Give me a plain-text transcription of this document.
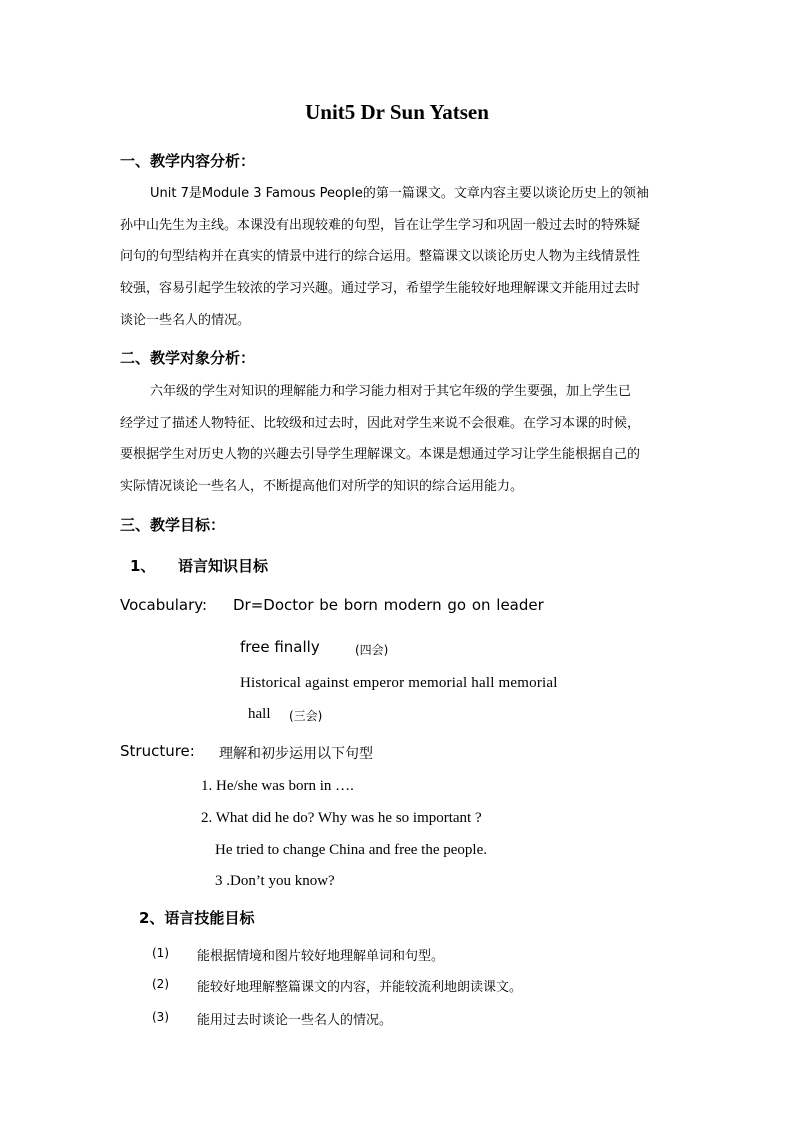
Unit5 Dr Sun Yatsen
一、教学内容分析：
Unit 7是Module 3 Famous People的第一篇课文。文章内容主要以谈论历史上的领袖
孙中山先生为主线。本课没有出现较难的句型，旨在让学生学习和巩固一般过去时的特殊疑
问句的句型结构并在真实的情景中进行的综合运用。整篇课文以谈论历史人物为主线情景性
较强，容易引起学生较浓的学习兴趣。通过学习，希望学生能较好地理解课文并能用过去时
谈论一些名人的情况。
二、教学对象分析：
六年级的学生对知识的理解能力和学习能力相对于其它年级的学生要强，加上学生已
经学过了描述人物特征、比较级和过去时，因此对学生来说不会很难。在学习本课的时候，
要根据学生对历史人物的兴趣去引导学生理解课文。本课是想通过学习让学生能根据自己的
实际情况谈论一些名人，不断提高他们对所学的知识的综合运用能力。
三、教学目标：
1、 语言知识目标
Vocabulary: Dr=Doctor be born modern go on leader
free finally	(四会)
Historical against emperor memorial hall memorial
hall (三会)
Structure: 理解和初步运用以下句型
1. He/she was born in ….
2. What did he do? Why was he so important ?
He tried to change China and free the people.
3 .Don’t you know?
2、语言技能目标
(1) 能根据情境和图片较好地理解单词和句型。
(2) 能较好地理解整篇课文的内容，并能较流利地朗读课文。
(3) 能用过去时谈论一些名人的情况。
